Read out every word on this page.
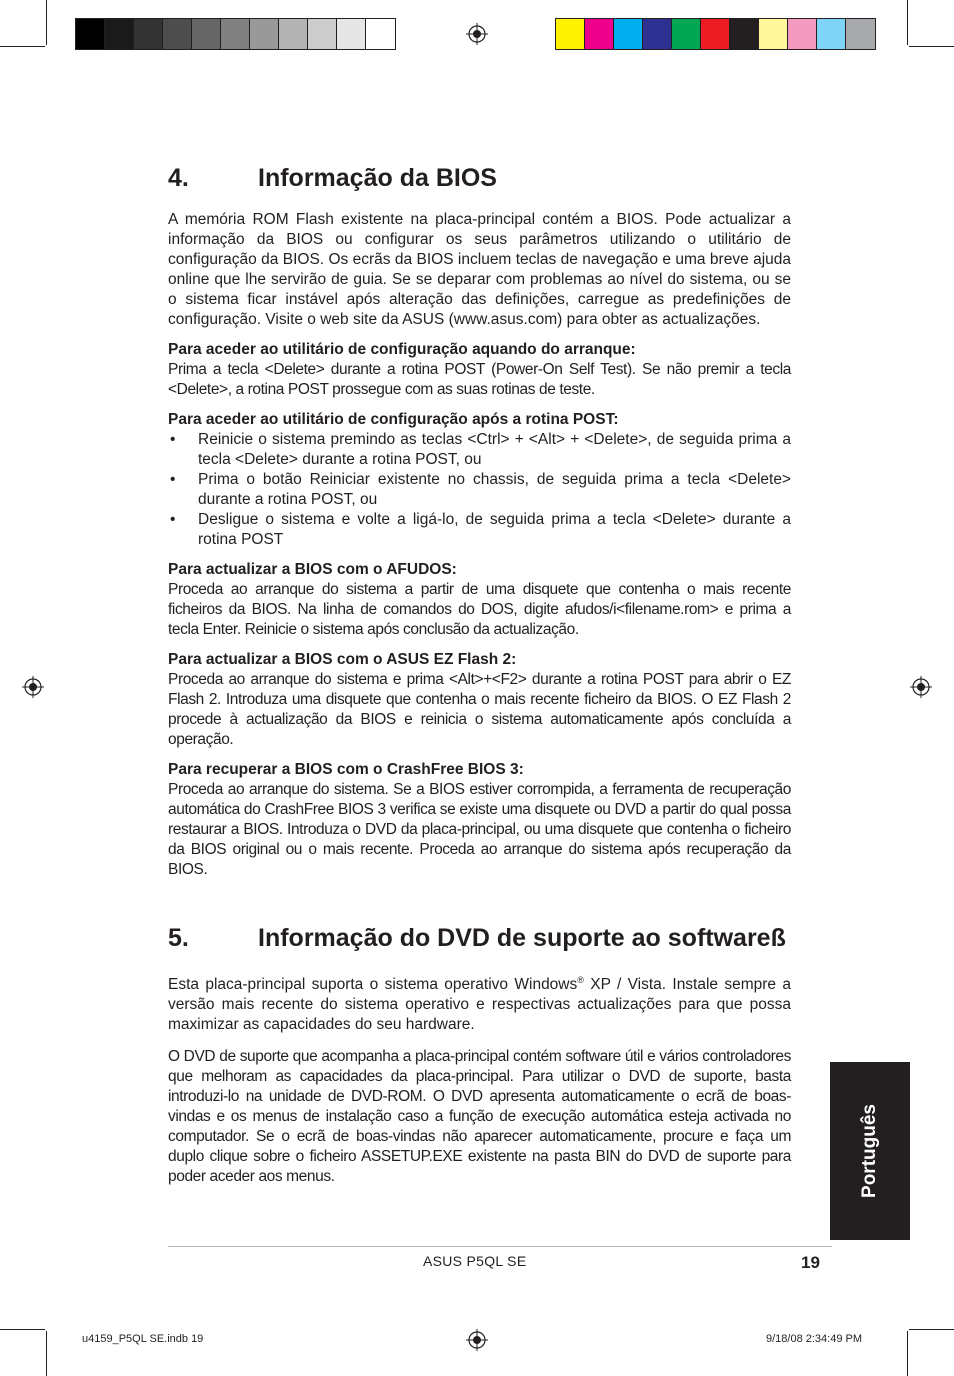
4.	Informação da BIOS

A memória ROM Flash existente na placa-principal contém a BIOS. Pode actualizar a informação da BIOS ou configurar os seus parâmetros utilizando o utilitário de configuração da BIOS. Os ecrãs da BIOS incluem teclas de navegação e uma breve ajuda online que lhe servirão de guia. Se se deparar com problemas ao nível do sistema, ou se o sistema ficar instável após alteração das definições, carregue as predefinições de configuração. Visite o web site da ASUS (www.asus.com) para obter as actualizações.

Para aceder ao utilitário de configuração aquando do arranque:

Prima a tecla <Delete> durante a rotina POST (Power-On Self Test). Se não premir a tecla <Delete>, a rotina POST prossegue com as suas rotinas de teste.

Para aceder ao utilitário de configuração após a rotina POST:
• Reinicie o sistema premindo as teclas <Ctrl> + <Alt> + <Delete>, de seguida prima a tecla <Delete> durante a rotina POST, ou
• Prima o botão Reiniciar existente no chassis, de seguida prima a tecla <Delete> durante a rotina POST, ou
• Desligue o sistema e volte a ligá-lo, de seguida prima a tecla <Delete> durante a rotina POST
Para actualizar a BIOS com o AFUDOS:

Proceda ao arranque do sistema a partir de uma disquete que contenha o mais recente ficheiros da BIOS. Na linha de comandos do DOS, digite afudos/i<filename.rom> e prima a tecla Enter. Reinicie o sistema após conclusão da actualização.

Para actualizar a BIOS com o ASUS EZ Flash 2:

Proceda ao arranque do sistema e prima <Alt>+<F2> durante a rotina POST para abrir o EZ Flash 2. Introduza uma disquete que contenha o mais recente ficheiro da BIOS. O EZ Flash 2 procede à actualização da BIOS e reinicia o sistema automaticamente após concluída a operação.

Para recuperar a BIOS com o CrashFree BIOS 3:

Proceda ao arranque do sistema. Se a BIOS estiver corrompida, a ferramenta de recuperação automática do CrashFree BIOS 3 verifica se existe uma disquete ou DVD a partir do qual possa restaurar a BIOS. Introduza o DVD da placa-principal, ou uma disquete que contenha o ficheiro da BIOS original ou o mais recente. Proceda ao arranque do sistema após recuperação da BIOS.

5.	Informação do DVD de suporte ao softwareß

Esta placa-principal suporta o sistema operativo Windows® XP / Vista. Instale sempre a versão mais recente do sistema operativo e respectivas actualizações para que possa maximizar as capacidades do seu hardware.

O DVD de suporte que acompanha a placa-principal contém software útil e vários controladores que melhoram as capacidades da placa-principal. Para utilizar o DVD de suporte, basta introduzi-lo na unidade de DVD-ROM. O DVD apresenta automaticamente o ecrã de boas-vindas e os menus de instalação caso a função de execução automática esteja activada no computador. Se o ecrã de boas-vindas não aparecer automaticamente, procure e faça um duplo clique sobre o ficheiro ASSETUP.EXE existente na pasta BIN do DVD de suporte para poder aceder aos menus.	Português
ASUS P5QL SE	19
u4159_P5QL SE.indb 19	9/18/08 2:34:49 PM
